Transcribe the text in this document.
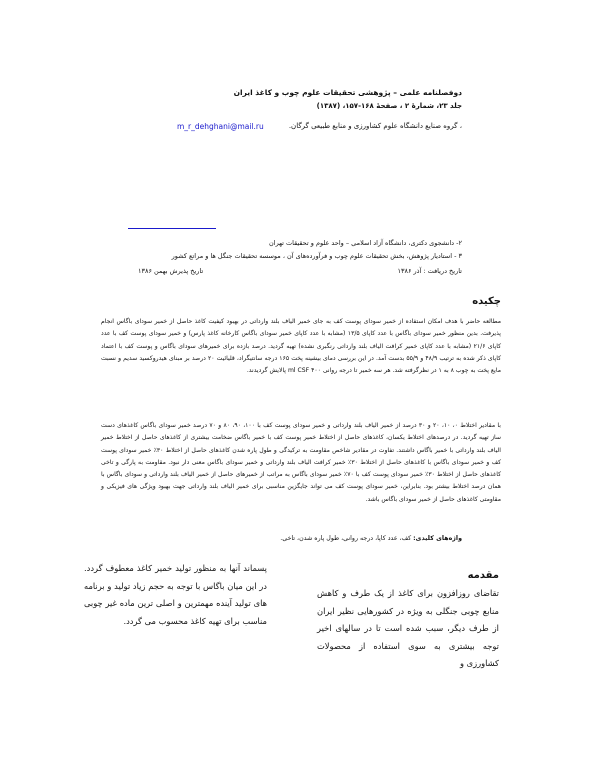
دوفصلنامه علمی – پژوهشی تحقیقات علوم چوب و کاغذ ایران
جلد ۲۳، شمارهٔ ۲ ، صفحهٔ ۱۶۸-۱۵۷، (۱۳۸۷)
، گروه صنایع دانشگاه علوم کشاورزی و منابع طبیعی گرگان.
m_r_dehghani@mail.ru
۲- دانشجوی دکتری، دانشگاه آزاد اسلامی – واحد علوم و تحقیقات تهران
۳ - استادیار پژوهش، بخش تحقیقات علوم چوب و فرآورده‌های آن ، موسسه تحقیقات جنگل ها و مراتع کشور
تاریخ دریافت : آذر ۱۳۸۶
تاریخ پذیرش بهمن ۱۳۸۶
چکیده
مطالعه حاضر با هدف امکان استفاده از خمیر سودای پوست کف به جای خمیر الیاف بلند وارداتی در بهبود کیفیت کاغذ حاصل از خمیر سودای باگاس انجام پذیرفت. بدین منظور خمیر سودای باگاس با عدد کاپای ۱۳/۵ (مشابه با عدد کاپای خمیر سودای باگاس کارخانه کاغذ پارس) و خمیر سودای پوست کف با عدد کاپای ۲۱/۶ (مشابه با عدد کاپای خمیر کرافت الیاف بلند وارداتی رنگبری نشده) تهیه گردید. درصد بازده برای خمیرهای سودای باگاس و پوست کف با اعتماد کاپای ذکر شده به ترتیب ۴۸/۹ و ۵۵/۹ بدست آمد. در این بررسی دمای بیشینه پخت ۱۶۵ درجه سانتیگراد، قلیائیت ۲۰ درصد بر مبنای هیدروکسید سدیم و نسبت مایع پخت به چوب ۸ به ۱ در نظرگرفته شد. هر سه خمیر تا درجه روانی ml CSF ۴۰۰ پالایش گردیدند.
با مقادیر اختلاط ۰، ۱۰، ۲۰ و ۳۰ درصد از خمیر الیاف بلند وارداتی و خمیر سودای پوست کف با ۱۰۰، ۹۰، ۸۰ و ۷۰ درصد خمیر سودای باگاس کاغذهای دست ساز تهیه گردید. در درصدهای اختلاط یکسان، کاغذهای حاصل از اختلاط خمیر پوست کف با خمیر باگاس ضخامت بیشتری از کاغذهای حاصل از اختلاط خمیر الیاف بلند وارداتی با خمیر باگاس داشتند. تفاوت در مقادیر شاخص مقاومت به ترکیدگی و طول پاره شدن کاغذهای حاصل از اختلاط ۳۰٪ خمیر سودای پوست کف و خمیر سودای باگاس با کاغذهای حاصل از اختلاط ۳۰٪ خمیر کرافت الیاف بلند وارداتی و خمیر سودای باگاس معنی دار نبود. مقاومت به پارگی و تاخی کاغذهای حاصل از اختلاط ۳۰٪ خمیر سودای پوست کف با ۷۰٪ خمیر سودای باگاس به مراتب از خمیرهای حاصل از خمیر الیاف بلند وارداتی و سودای باگاس با همان درصد اختلاط بیشتر بود. بنابراین، خمیر سودای پوست کف می تواند جایگزین مناسبی برای خمیر الیاف بلند وارداتی جهت بهبود ویژگی های فیزیکی و مقاومتی کاغذهای حاصل از خمیر سودای باگاس باشد.
واژه‌های کلیدی: کف، عدد کاپا، درجه روانی، طول پاره شدن، تاخی.
مقدمه
تقاضای روزافزون برای کاغذ از یک طرف و کاهش منابع چوبی جنگلی به ویژه در کشورهایی نظیر ایران از طرف دیگر، سبب شده است تا در سالهای اخیر توجه بیشتری به سوی استفاده از محصولات کشاورزی و
پسماند آنها به منظور تولید خمیر کاغذ معطوف گردد. در این میان باگاس با توجه به حجم زیاد تولید و برنامه های تولید آینده مهمترین و اصلی ترین ماده غیر چوبی مناسب برای تهیه کاغذ محسوب می گردد.
